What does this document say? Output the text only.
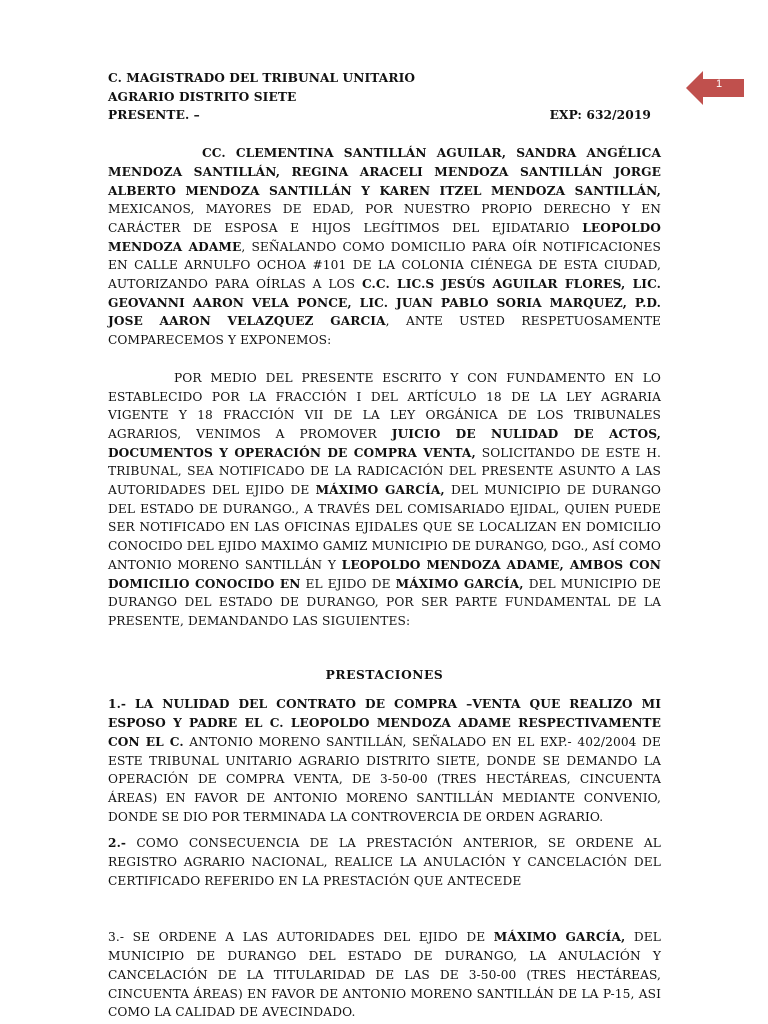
1
C. MAGISTRADO DEL TRIBUNAL UNITARIO
AGRARIO DISTRITO SIETE
PRESENTE. –	EXP: 632/2019

CC. CLEMENTINA SANTILLÁN AGUILAR, SANDRA ANGÉLICA MENDOZA SANTILLÁN, REGINA ARACELI MENDOZA SANTILLÁN JORGE ALBERTO MENDOZA SANTILLÁN Y KAREN ITZEL MENDOZA SANTILLÁN, MEXICANOS, MAYORES DE EDAD, POR NUESTRO PROPIO DERECHO Y EN CARÁCTER DE ESPOSA E HIJOS LEGÍTIMOS DEL EJIDATARIO LEOPOLDO MENDOZA ADAME, SEÑALANDO COMO DOMICILIO PARA OÍR NOTIFICACIONES EN CALLE ARNULFO OCHOA #101 DE LA COLONIA CIÉNEGA DE ESTA CIUDAD, AUTORIZANDO PARA OÍRLAS A LOS C.C. LIC.S JESÚS AGUILAR FLORES, LIC. GEOVANNI AARON VELA PONCE, LIC. JUAN PABLO SORIA MARQUEZ, P.D. JOSE AARON VELAZQUEZ GARCIA, ANTE USTED RESPETUOSAMENTE COMPARECEMOS Y EXPONEMOS:

POR MEDIO DEL PRESENTE ESCRITO Y CON FUNDAMENTO EN LO ESTABLECIDO POR LA FRACCIÓN I DEL ARTÍCULO 18 DE LA LEY AGRARIA VIGENTE Y 18 FRACCIÓN VII DE LA LEY ORGÁNICA DE LOS TRIBUNALES AGRARIOS, VENIMOS A PROMOVER JUICIO DE NULIDAD DE ACTOS, DOCUMENTOS Y OPERACIÓN DE COMPRA VENTA, SOLICITANDO DE ESTE H. TRIBUNAL, SEA NOTIFICADO DE LA RADICACIÓN DEL PRESENTE ASUNTO A LAS AUTORIDADES DEL EJIDO DE MÁXIMO GARCÍA, DEL MUNICIPIO DE DURANGO DEL ESTADO DE DURANGO., A TRAVÉS DEL COMISARIADO EJIDAL, QUIEN PUEDE SER NOTIFICADO EN LAS OFICINAS EJIDALES QUE SE LOCALIZAN EN DOMICILIO CONOCIDO DEL EJIDO MAXIMO GAMIZ MUNICIPIO DE DURANGO, DGO., ASÍ COMO ANTONIO MORENO SANTILLÁN Y LEOPOLDO MENDOZA ADAME, AMBOS CON DOMICILIO CONOCIDO EN EL EJIDO DE MÁXIMO GARCÍA, DEL MUNICIPIO DE DURANGO DEL ESTADO DE DURANGO, POR SER PARTE FUNDAMENTAL DE LA PRESENTE, DEMANDANDO LAS SIGUIENTES:

PRESTACIONES

1.- LA NULIDAD DEL CONTRATO DE COMPRA –VENTA QUE REALIZO MI ESPOSO Y PADRE EL C. LEOPOLDO MENDOZA ADAME RESPECTIVAMENTE CON EL C. ANTONIO MORENO SANTILLÁN, SEÑALADO EN EL EXP.- 402/2004 DE ESTE TRIBUNAL UNITARIO AGRARIO DISTRITO SIETE, DONDE SE DEMANDO LA OPERACIÓN DE COMPRA VENTA, DE 3-50-00 (TRES HECTÁREAS, CINCUENTA ÁREAS) EN FAVOR DE ANTONIO MORENO SANTILLÁN MEDIANTE CONVENIO, DONDE SE DIO POR TERMINADA LA CONTROVERCIA DE ORDEN AGRARIO.

2.- COMO CONSECUENCIA DE LA PRESTACIÓN ANTERIOR, SE ORDENE AL REGISTRO AGRARIO NACIONAL, REALICE LA ANULACIÓN Y CANCELACIÓN DEL CERTIFICADO REFERIDO EN LA PRESTACIÓN QUE ANTECEDE

3.- SE ORDENE A LAS AUTORIDADES DEL EJIDO DE MÁXIMO GARCÍA, DEL MUNICIPIO DE DURANGO DEL ESTADO DE DURANGO, LA ANULACIÓN Y CANCELACIÓN DE LA TITULARIDAD DE LAS DE 3-50-00 (TRES HECTÁREAS, CINCUENTA ÁREAS) EN FAVOR DE ANTONIO MORENO SANTILLÁN DE LA P-15, ASI COMO LA CALIDAD DE AVECINDADO.
